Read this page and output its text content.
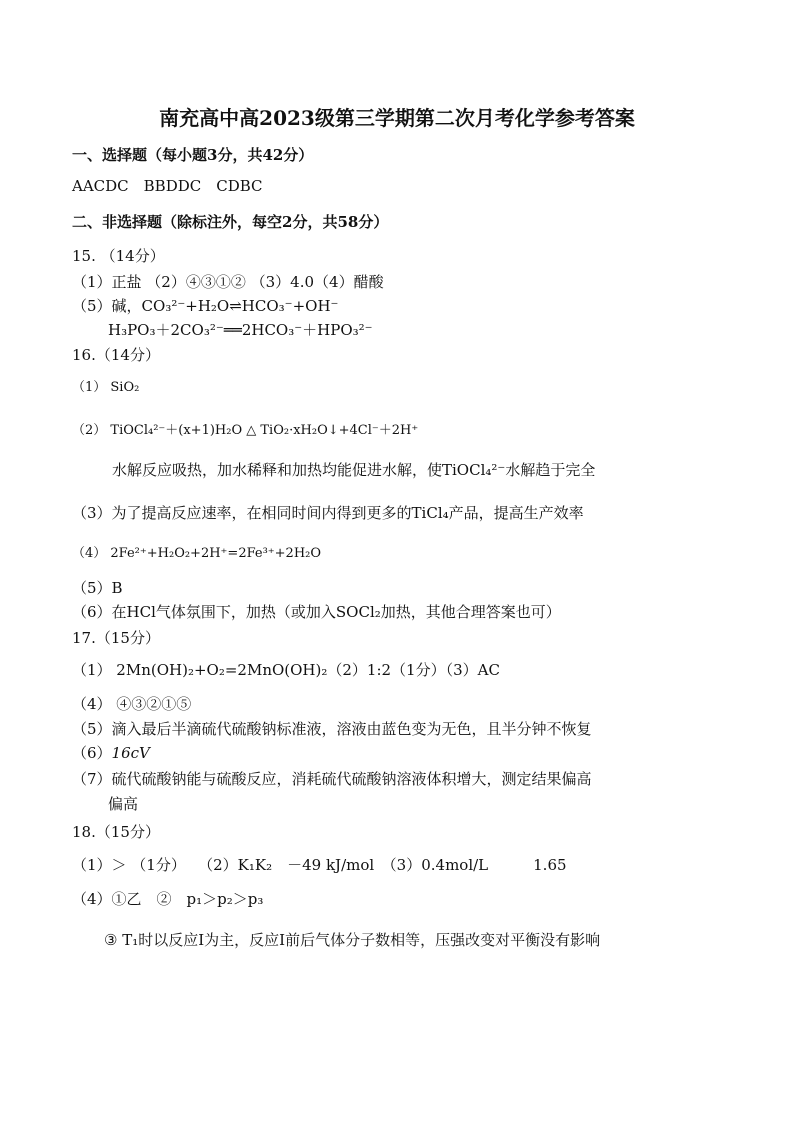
南充高中高2023级第三学期第二次月考化学参考答案
一、选择题（每小题3分，共42分）
AACDC　BBDDC　CDBC
二、非选择题（除标注外，每空2分，共58分）
15. （14分）
（1）正盐 （2）④③①② （3）4.0（4）醋酸
（5）碱，CO₃²⁻+H₂O⇌HCO₃⁻+OH⁻
H₃PO₃＋2CO₃²⁻══2HCO₃⁻＋HPO₃²⁻
16.（14分）
（1） SiO₂
（2） TiOCl₄²⁻＋(x+1)H₂O △ TiO₂·xH₂O↓+4Cl⁻＋2H⁺
水解反应吸热，加水稀释和加热均能促进水解，使TiOCl₄²⁻水解趋于完全
（3）为了提高反应速率，在相同时间内得到更多的TiCl₄产品，提高生产效率
（4） 2Fe²⁺+H₂O₂+2H⁺=2Fe³⁺+2H₂O
（5）B
（6）在HCl气体氛围下，加热（或加入SOCl₂加热，其他合理答案也可）
17.（15分）
（1） 2Mn(OH)₂+O₂=2MnO(OH)₂（2）1:2（1分）（3）AC
（4） ④③②①⑤
（5）滴入最后半滴硫代硫酸钠标准液，溶液由蓝色变为无色，且半分钟不恢复
（6）16cV
（7）硫代硫酸钠能与硫酸反应，消耗硫代硫酸钠溶液体积增大，测定结果偏高
偏高
18.（15分）
（1）＞ （1分）　 （2）K₁K₂　－49 kJ/mol　（3）0.4mol/L　　　1.65
（4）①乙　②　p₁＞p₂＞p₃
③ T₁时以反应Ⅰ为主，反应Ⅰ前后气体分子数相等，压强改变对平衡没有影响
